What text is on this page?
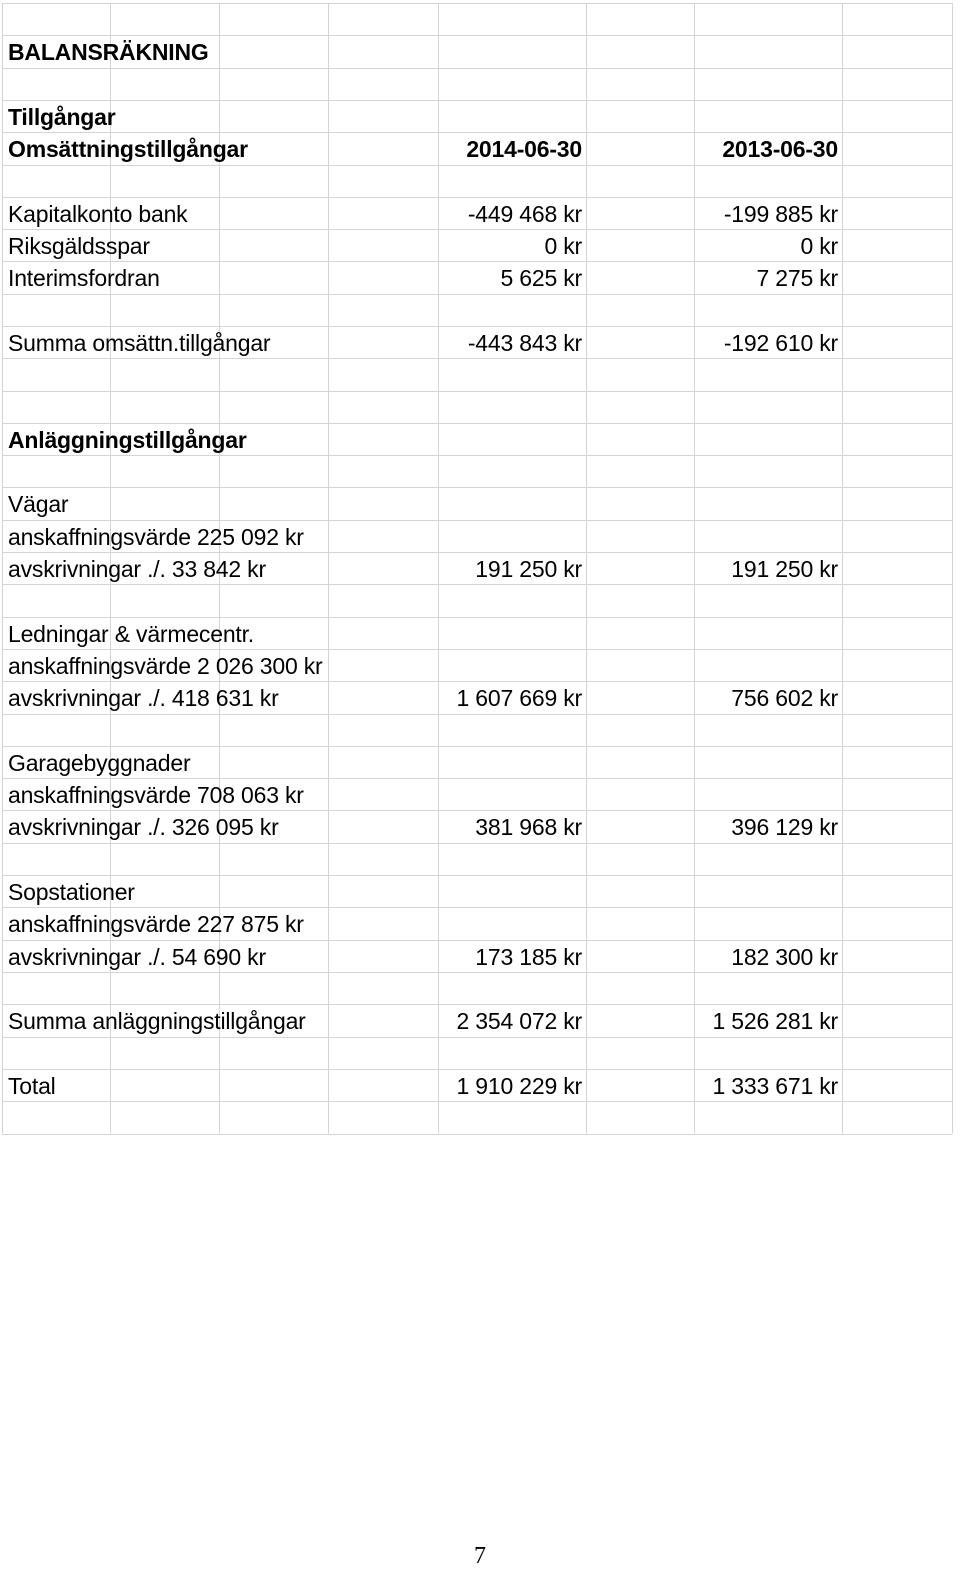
BALANSRÄKNING
Tillgångar
Omsättningstillgångar	2014-06-30	2013-06-30
Kapitalkonto bank	-449 468 kr	-199 885 kr
Riksgäldsspar	0 kr	0 kr
Interimsfordran	5 625 kr	7 275 kr
Summa omsättn.tillgångar	-443 843 kr	-192 610 kr
Anläggningstillgångar
Vägar
anskaffningsvärde 225 092 kr
avskrivningar ./. 33 842 kr	191 250 kr	191 250 kr
Ledningar & värmecentr.
anskaffningsvärde 2 026 300 kr
avskrivningar ./. 418 631 kr	1 607 669 kr	756 602 kr
Garagebyggnader
anskaffningsvärde 708 063 kr
avskrivningar ./. 326 095 kr	381 968 kr	396 129 kr
Sopstationer
anskaffningsvärde 227 875 kr
avskrivningar ./. 54 690 kr	173 185 kr	182 300 kr
Summa anläggningstillgångar	2 354 072 kr	1 526 281 kr
Total	1 910 229 kr	1 333 671 kr
7
